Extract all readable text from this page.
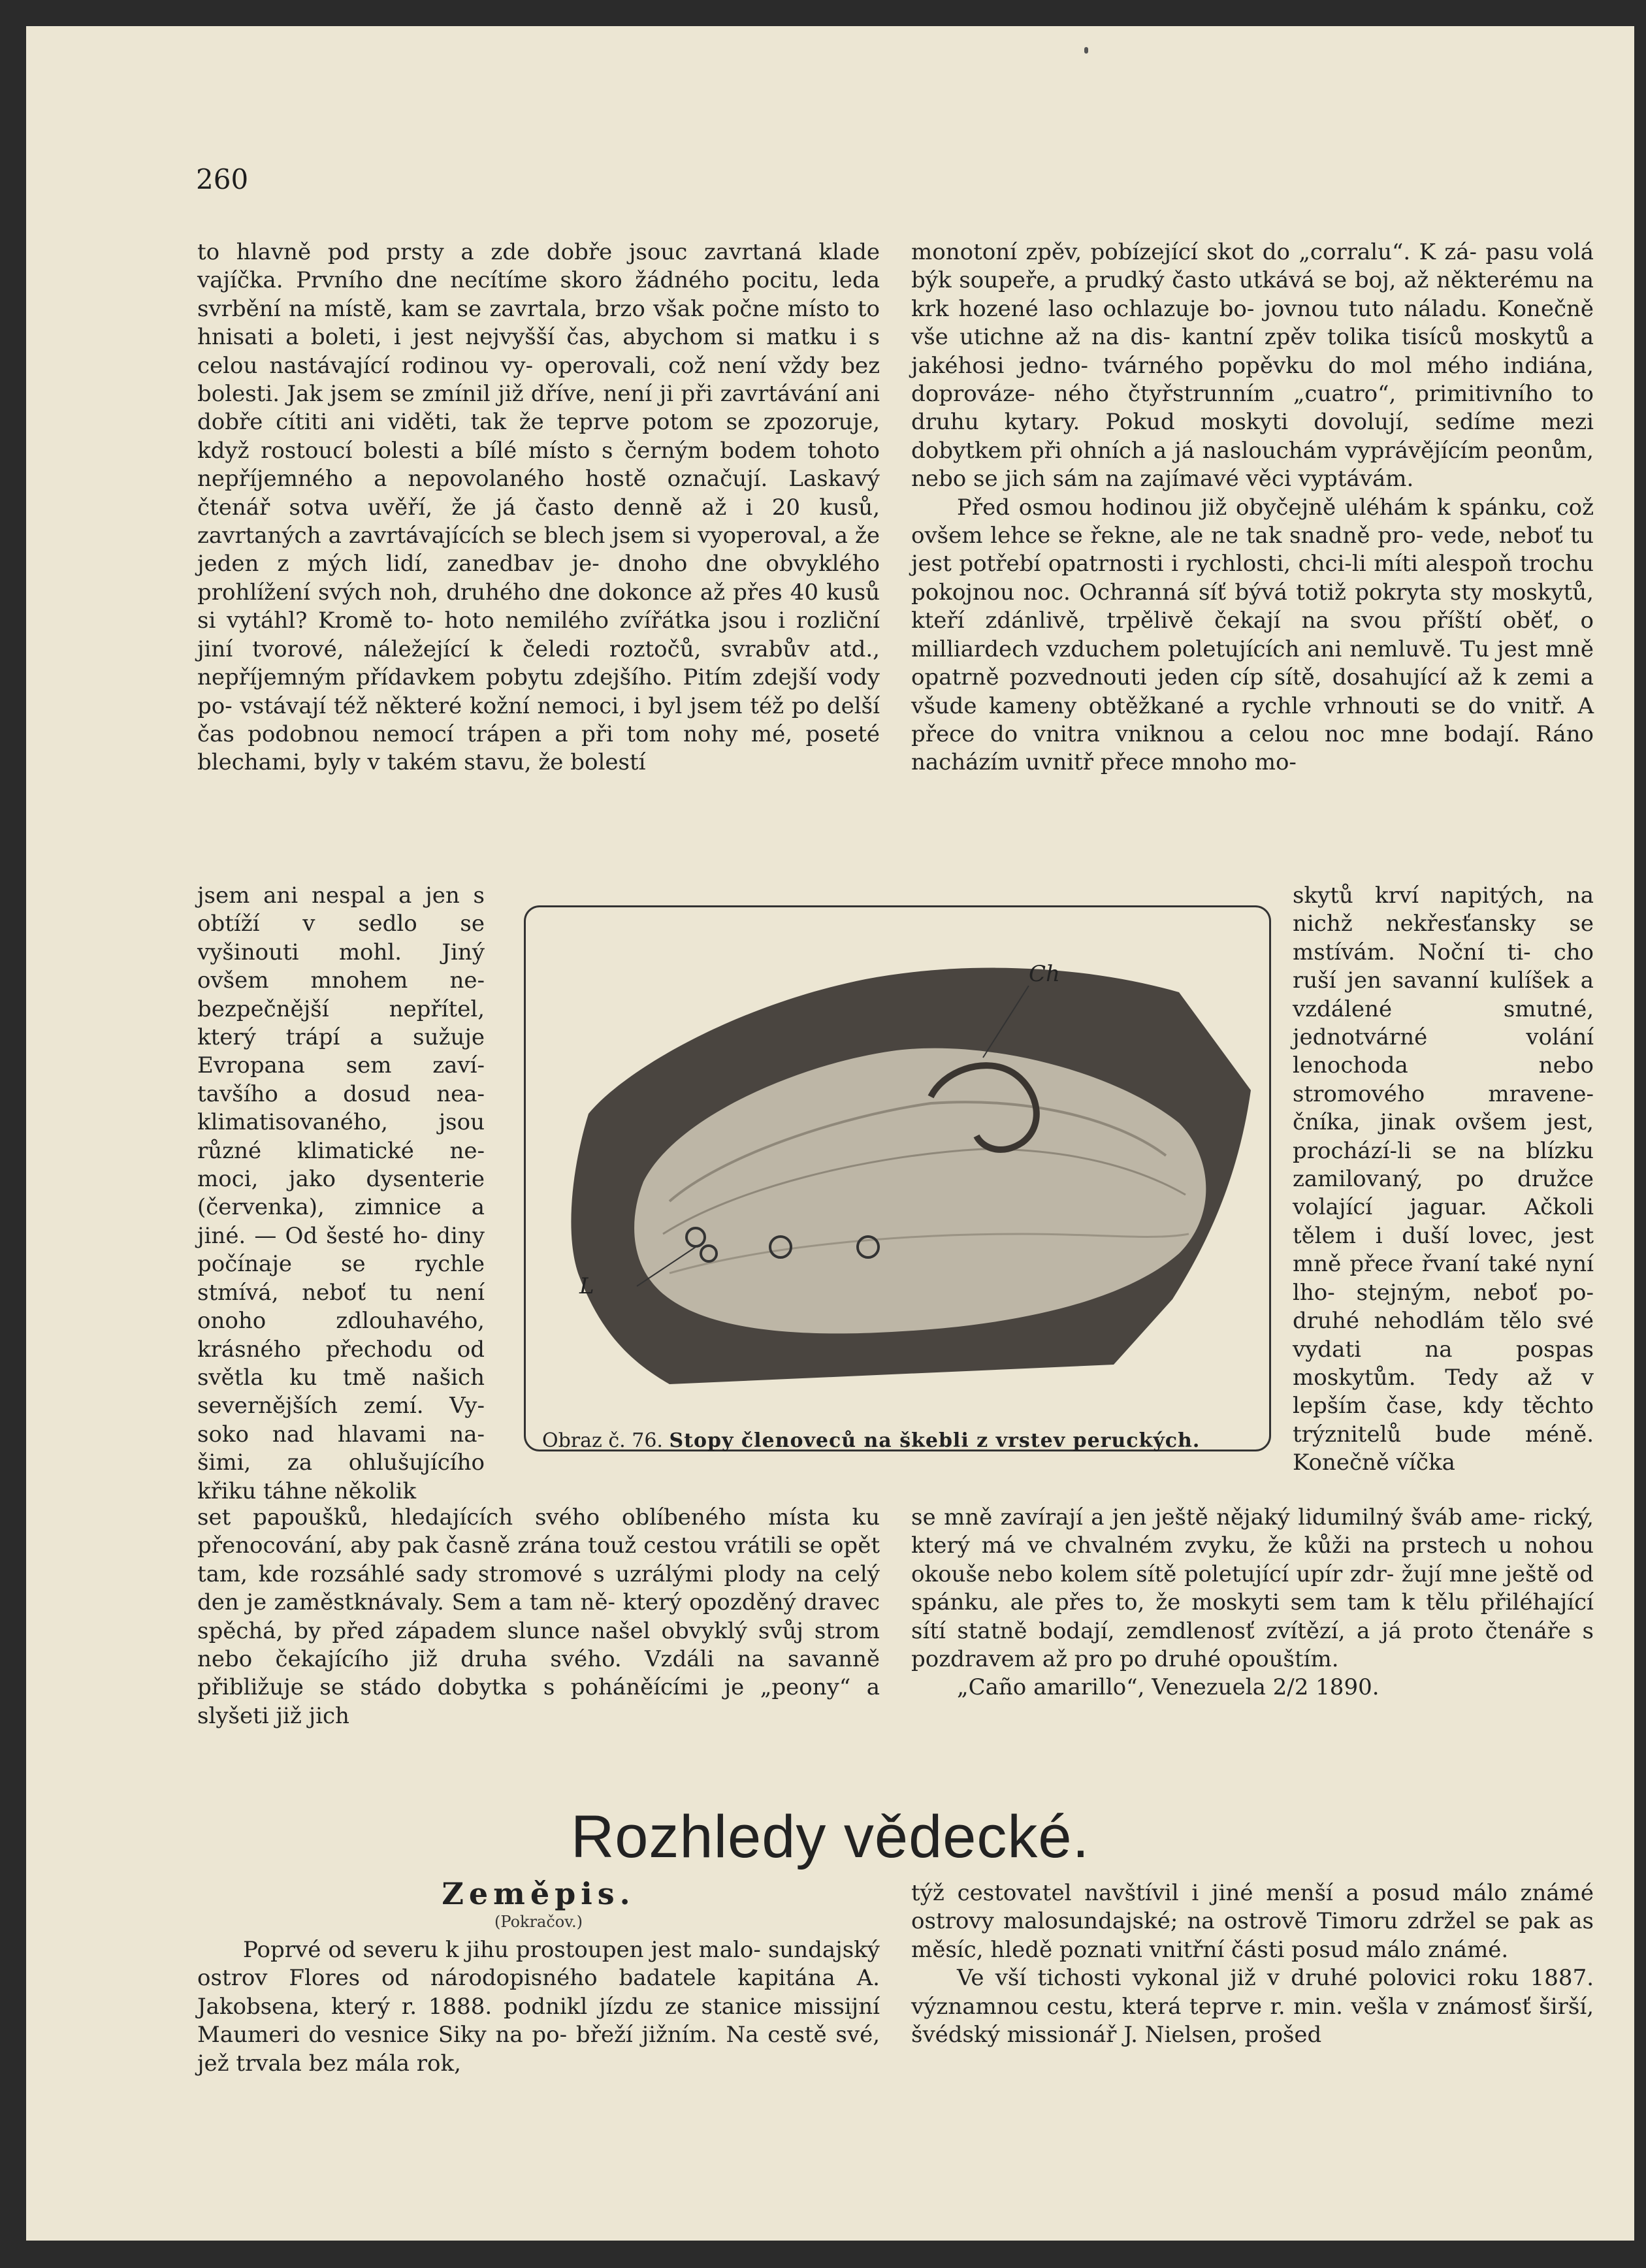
260

to hlavně pod prsty a zde dobře jsouc zavrtaná klade vajíčka. Prvního dne necítíme skoro žádného pocitu, leda svrbění na místě, kam se zavrtala, brzo však počne místo to hnisati a boleti, i jest nejvyšší čas, abychom si matku i s celou nastávající rodinou vy- operovali, což není vždy bez bolesti. Jak jsem se zmínil již dříve, není ji při zavrtávání ani dobře cítiti ani viděti, tak že teprve potom se zpozoruje, když rostoucí bolesti a bílé místo s černým bodem tohoto nepříjemného a nepovolaného hostě označují. Laskavý čtenář sotva uvěří, že já často denně až i 20 kusů, zavrtaných a zavrtávajících se blech jsem si vyoperoval, a že jeden z mých lidí, zanedbav je- dnoho dne obvyklého prohlížení svých noh, druhého dne dokonce až přes 40 kusů si vytáhl? Kromě to- hoto nemilého zvířátka jsou i rozliční jiní tvorové, náležející k čeledi roztočů, svrabův atd., nepříjemným přídavkem pobytu zdejšího. Pitím zdejší vody po- vstávají též některé kožní nemoci, i byl jsem též po delší čas podobnou nemocí trápen a při tom nohy mé, poseté blechami, byly v takém stavu, že bolestí

jsem ani nespal a jen s obtíží v sedlo se vyšinouti mohl. Jiný ovšem mnohem ne- bezpečnější nepřítel, který trápí a sužuje Evropana sem zaví- tavšího a dosud nea- klimatisovaného, jsou různé klimatické ne- moci, jako dysenterie (červenka), zimnice a jiné. — Od šesté ho- diny počínaje se rychle stmívá, neboť tu není onoho zdlouhavého, krásného přechodu od světla ku tmě našich severnějších zemí. Vy- soko nad hlavami na- šimi, za ohlušujícího křiku táhne několik

set papoušků, hledajících svého oblíbeného místa ku přenocování, aby pak časně zrána touž cestou vrátili se opět tam, kde rozsáhlé sady stromové s uzrálými plody na celý den je zaměstknávaly. Sem a tam ně- který opozděný dravec spěchá, by před západem slunce našel obvyklý svůj strom nebo čekajícího již druha svého. Vzdáli na savanně přibližuje se stádo dobytka s poháněícími je „peony“ a slyšeti již jich

monotoní zpěv, pobízející skot do „corralu“. K zá- pasu volá býk soupeře, a prudký často utkává se boj, až některému na krk hozené laso ochlazuje bo- jovnou tuto náladu. Konečně vše utichne až na dis- kantní zpěv tolika tisíců moskytů a jakéhosi jedno- tvárného popěvku do mol mého indiána, doprováze- ného čtyřstrunním „cuatro“, primitivního to druhu kytary. Pokud moskyti dovolují, sedíme mezi dobytkem při ohních a já naslouchám vyprávějícím peonům, nebo se jich sám na zajímavé věci vyptávám.

Před osmou hodinou již obyčejně uléhám k spánku, což ovšem lehce se řekne, ale ne tak snadně pro- vede, neboť tu jest potřebí opatrnosti i rychlosti, chci-li míti alespoň trochu pokojnou noc. Ochranná síť bývá totiž pokryta sty moskytů, kteří zdánlivě, trpělivě čekají na svou příští oběť, o milliardech vzduchem poletujících ani nemluvě. Tu jest mně opatrně pozvednouti jeden cíp sítě, dosahující až k zemi a všude kameny obtěžkané a rychle vrhnouti se do vnitř. A přece do vnitra vniknou a celou noc mne bodají. Ráno nacházím uvnitř přece mnoho mo-

skytů krví napitých, na nichž nekřesťansky se mstívám. Noční ti- cho ruší jen savanní kulíšek a vzdálené	smutné, jednotvárné	volání lenochoda nebo stromového mravene- čníka, jinak ovšem jest, prochází-li se na blízku zamilovaný, po družce volající jaguar. Ačkoli tělem i duší lovec, jest mně přece řvaní také nyní lho- stejným, neboť po- druhé nehodlám tělo své vydati na pospas moskytům. Tedy až v lepším čase, kdy těchto trýznitelů bude méně. Konečně víčka

se mně zavírají a jen ještě nějaký lidumilný šváb ame- rický, který má ve chvalném zvyku, že kůži na prstech u nohou okouše nebo kolem sítě poletující upír zdr- žují mne ještě od spánku, ale přes to, že moskyti sem tam k tělu přiléhající sítí statně bodají, zemdlenosť zvítězí, a já proto čtenáře s pozdravem až pro po druhé opouštím.

„Caño amarillo“, Venezuela 2/2 1890.

Ch
L
Obraz č. 76. Stopy členoveců na škebli z vrstev peruckých.
Rozhledy vědecké.
Zeměpis.
(Pokračov.)

Poprvé od severu k jihu prostoupen jest malo- sundajský ostrov Flores od národopisného badatele kapitána A. Jakobsena, který r. 1888. podnikl jízdu ze stanice missijní Maumeri do vesnice Siky na po- břeží jižním. Na cestě své, jež trvala bez mála rok,

týž cestovatel navštívil i jiné menší a posud málo známé ostrovy malosundajské; na ostrově Timoru zdržel se pak as měsíc, hledě poznati vnitřní části posud málo známé.

Ve vší tichosti vykonal již v druhé polovici roku 1887. významnou cestu, která teprve r. min. vešla v známosť širší, švédský missionář J. Nielsen, prošed
